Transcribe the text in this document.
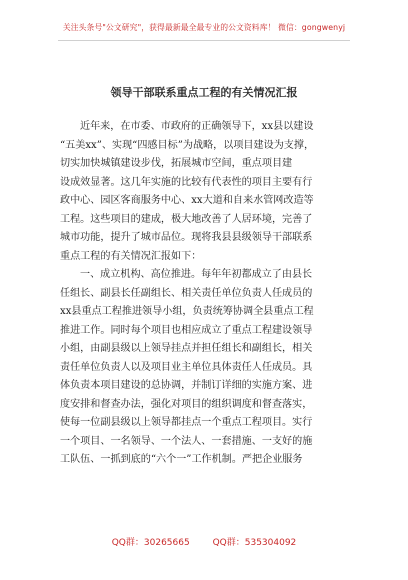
关注头条号"公文研究"，获得最新最全最专业的公文资料库！ 微信：gongwenyj
领导干部联系重点工程的有关情况汇报
近年来，在市委、市政府的正确领导下，xx县以建设
“五美xx”、实现“四感目标”为战略，以项目建设为支撑，
切实加快城镇建设步伐，拓展城市空间，重点项目建
设成效显著。这几年实施的比较有代表性的项目主要有行
政中心、园区客商服务中心、xx大道和自来水管网改造等
工程。这些项目的建成，极大地改善了人居环境，完善了
城市功能，提升了城市品位。现将我县县级领导干部联系
重点工程的有关情况汇报如下：
一、成立机构、高位推进。每年年初都成立了由县长
任组长、副县长任副组长、相关责任单位负责人任成员的
xx县重点工程推进领导小组，负责统筹协调全县重点工程
推进工作。同时每个项目也相应成立了重点工程建设领导
小组，由副县级以上领导挂点并担任组长和副组长，相关
责任单位负责人以及项目业主单位具体责任人任成员。具
体负责本项目建设的总协调，并制订详细的实施方案、进
度安排和督查办法，强化对项目的组织调度和督查落实，
使每一位副县级以上领导都挂点一个重点工程项目。实行
一个项目、一名领导、一个法人、一套措施、一支好的施
工队伍、一抓到底的“六个一”工作机制。严把企业服务
QQ群：30265665	QQ群：535304092
